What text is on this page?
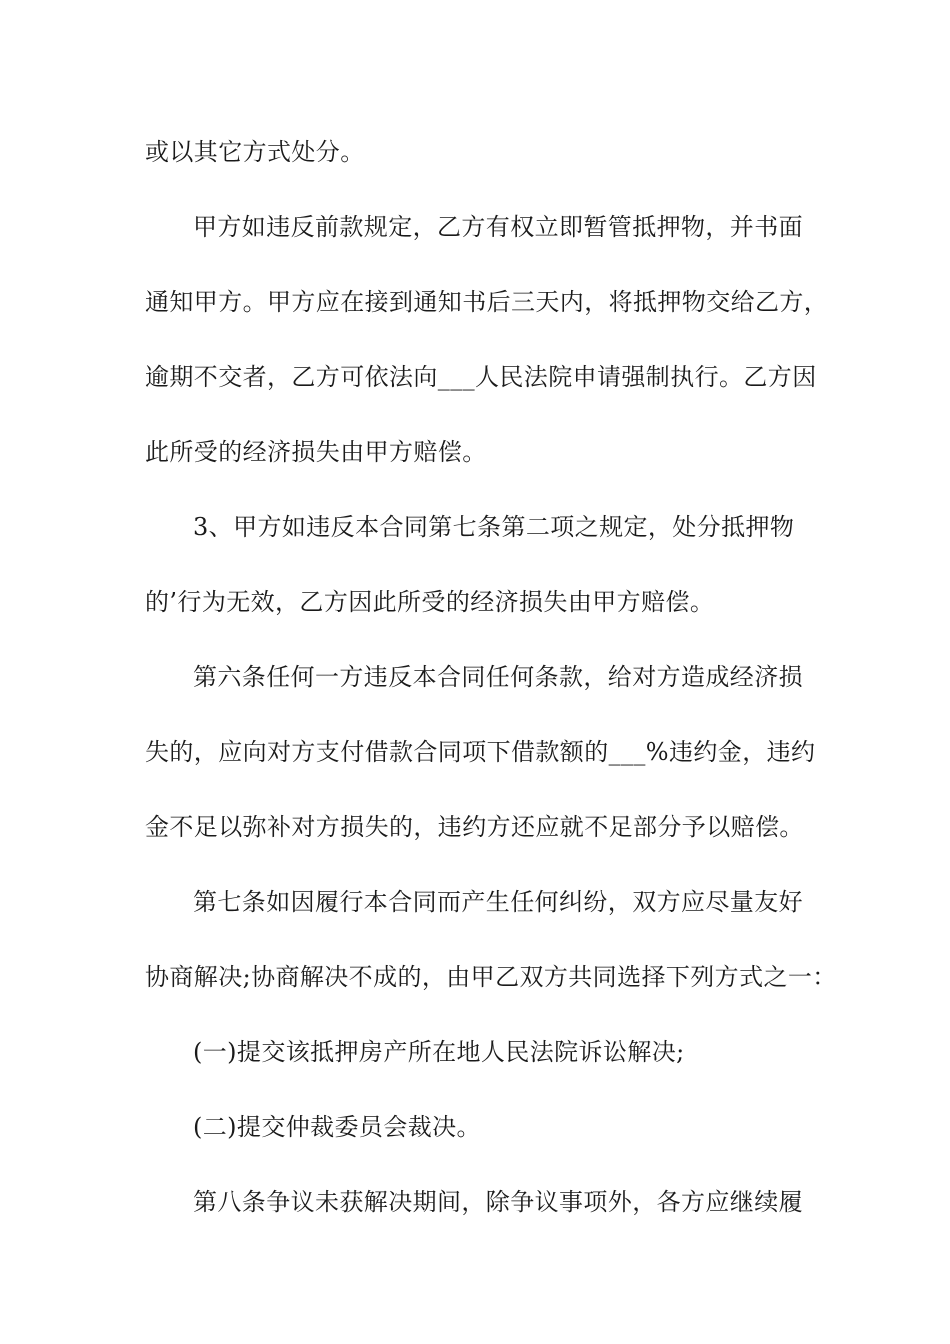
或以其它方式处分。
甲方如违反前款规定，乙方有权立即暂管抵押物，并书面
通知甲方。甲方应在接到通知书后三天内，将抵押物交给乙方，
逾期不交者，乙方可依法向___人民法院申请强制执行。乙方因
此所受的经济损失由甲方赔偿。
3、甲方如违反本合同第七条第二项之规定，处分抵押物
的’行为无效，乙方因此所受的经济损失由甲方赔偿。
第六条任何一方违反本合同任何条款，给对方造成经济损
失的，应向对方支付借款合同项下借款额的___%违约金，违约
金不足以弥补对方损失的，违约方还应就不足部分予以赔偿。
第七条如因履行本合同而产生任何纠纷，双方应尽量友好
协商解决;协商解决不成的，由甲乙双方共同选择下列方式之一：
(一)提交该抵押房产所在地人民法院诉讼解决;
(二)提交仲裁委员会裁决。
第八条争议未获解决期间，除争议事项外，各方应继续履
